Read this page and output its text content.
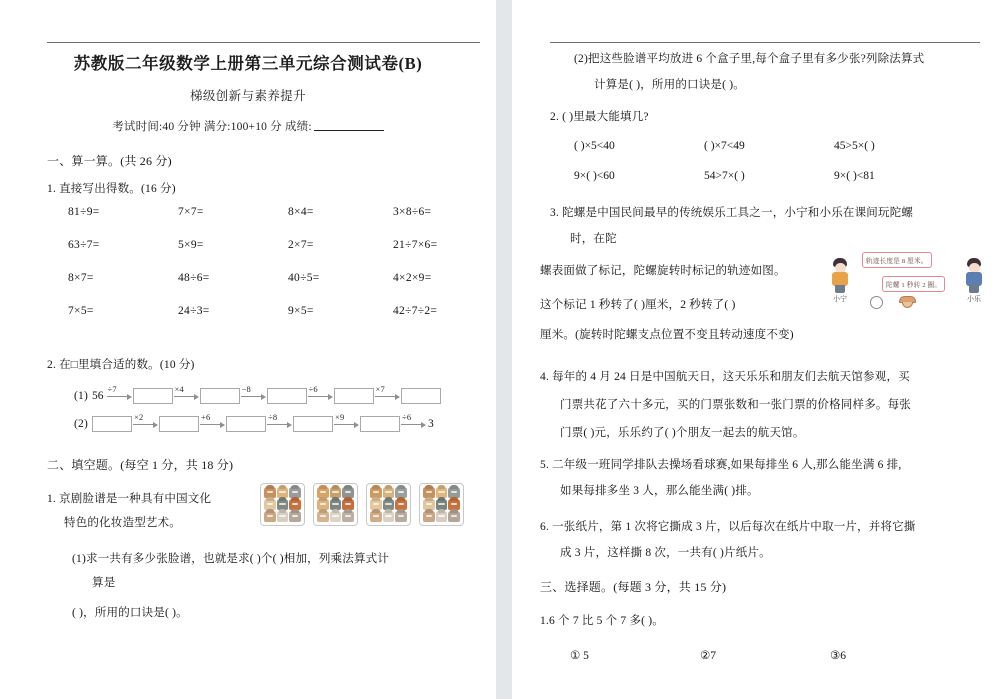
苏教版二年级数学上册第三单元综合测试卷(B)
梯级创新与素养提升
考试时间:40 分钟 满分:100+10 分 成绩:
一、算一算。(共 26 分)
1. 直接写出得数。(16 分)
81÷9=	7×7=	8×4=	3×8÷6=
63÷7=	5×9=	2×7=	21÷7×6=
8×7=	48÷6=	40÷5=	4×2×9=
7×5=	24÷3=	9×5=	42÷7÷2=
2. 在□里填合适的数。(10 分)
(1) 56
÷7	×4	−8	÷6	×7
(2)
×2	+6	÷8	×9	÷6
3
二、填空题。(每空 1 分，共 18 分)
1. 京剧脸谱是一种具有中国文化
特色的化妆造型艺术。
(1)求一共有多少张脸谱，也就是求( )个( )相加，列乘法算式计
算是
( )，所用的口诀是( )。
(2)把这些脸谱平均放进 6 个盒子里,每个盒子里有多少张?列除法算式
计算是( )，所用的口诀是( )。
2. ( )里最大能填几?
( )×5<40	( )×7<49	45>5×( )
9×( )<60	54>7×( )	9×( )<81
3. 陀螺是中国民间最早的传统娱乐工具之一，小宁和小乐在课间玩陀螺
时，在陀
螺表面做了标记，陀螺旋转时标记的轨迹如图。
这个标记 1 秒转了( )厘米，2 秒转了( )
厘米。(旋转时陀螺支点位置不变且转动速度不变)
轨迹长度是 8 厘米。
陀螺 1 秒转 2 圈。
小宁	小乐
4. 每年的 4 月 24 日是中国航天日，这天乐乐和朋友们去航天馆参观，买
门票共花了六十多元，买的门票张数和一张门票的价格同样多。每张
门票( )元，乐乐约了( )个朋友一起去的航天馆。
5. 二年级一班同学排队去操场看球赛,如果每排坐 6 人,那么能坐满 6 排,
如果每排多坐 3 人，那么能坐满( )排。
6. 一张纸片，第 1 次将它撕成 3 片，以后每次在纸片中取一片，并将它撕
成 3 片，这样撕 8 次，一共有( )片纸片。
三、选择题。(每题 3 分，共 15 分)
1.6 个 7 比 5 个 7 多( )。
① 5	②7	③6
